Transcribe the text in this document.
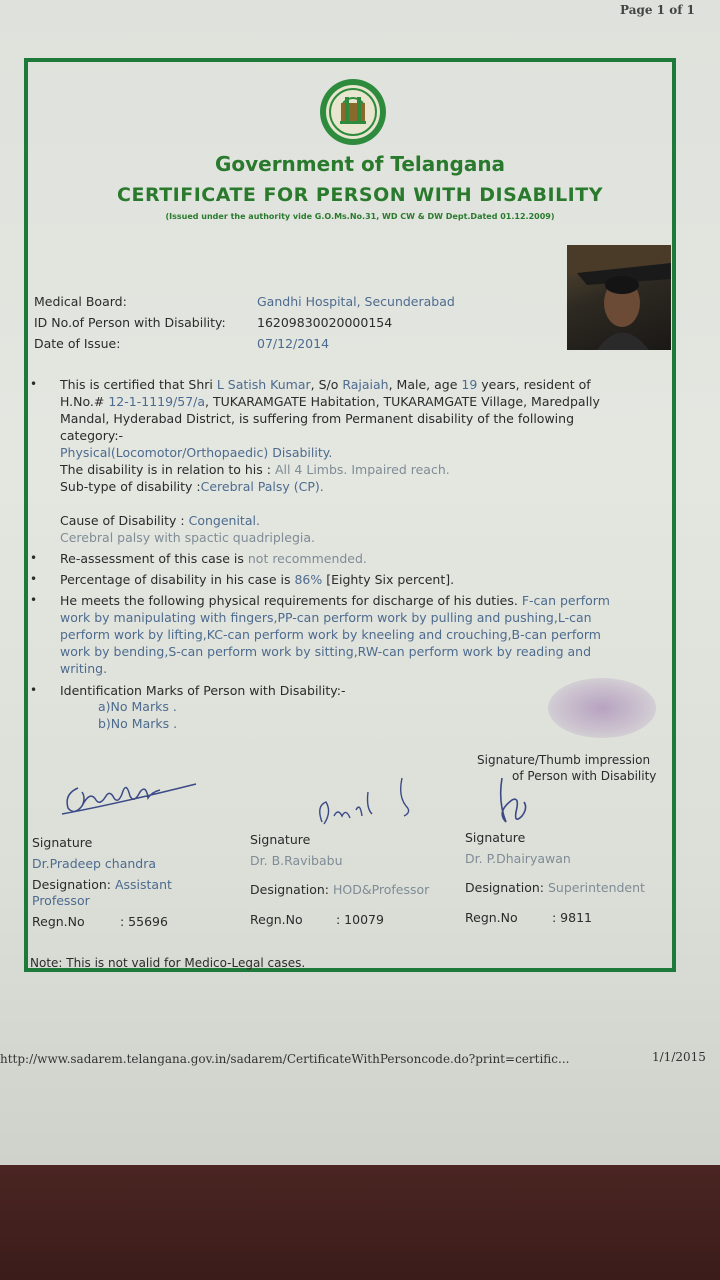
Page 1 of 1
Government of Telangana
CERTIFICATE FOR PERSON WITH DISABILITY
(Issued under the authority vide G.O.Ms.No.31, WD CW & DW Dept.Dated 01.12.2009)
Medical Board:	Gandhi Hospital, Secunderabad
ID No.of Person with Disability: 16209830020000154
Date of Issue:	07/12/2014
• This is certified that Shri L Satish Kumar, S/o Rajaiah, Male, age 19 years, resident of
H.No.# 12-1-1119/57/a, TUKARAMGATE Habitation, TUKARAMGATE Village, Maredpally
Mandal, Hyderabad District, is suffering from Permanent disability of the following
category:-
Physical(Locomotor/Orthopaedic) Disability.
The disability is in relation to his : All 4 Limbs. Impaired reach.
Sub-type of disability :Cerebral Palsy (CP).
Cause of Disability : Congenital.
Cerebral palsy with spactic quadriplegia.
• Re-assessment of this case is not recommended.
• Percentage of disability in his case is 86% [Eighty Six percent].
• He meets the following physical requirements for discharge of his duties. F-can perform
work by manipulating with fingers,PP-can perform work by pulling and pushing,L-can
perform work by lifting,KC-can perform work by kneeling and crouching,B-can perform
work by bending,S-can perform work by sitting,RW-can perform work by reading and
writing.
• Identification Marks of Person with Disability:-
a)No Marks .
b)No Marks .
Signature/Thumb impression
of Person with Disability
Signature
Dr.Pradeep chandra
Designation: Assistant
Professor
Regn.No	: 55696
Signature
Dr. B.Ravibabu
Designation: HOD&Professor
Regn.No	: 10079
Signature
Dr. P.Dhairyawan
Designation: Superintendent
Regn.No	: 9811
Note: This is not valid for Medico-Legal cases.
http://www.sadarem.telangana.gov.in/sadarem/CertificateWithPersoncode.do?print=certific...	1/1/2015
